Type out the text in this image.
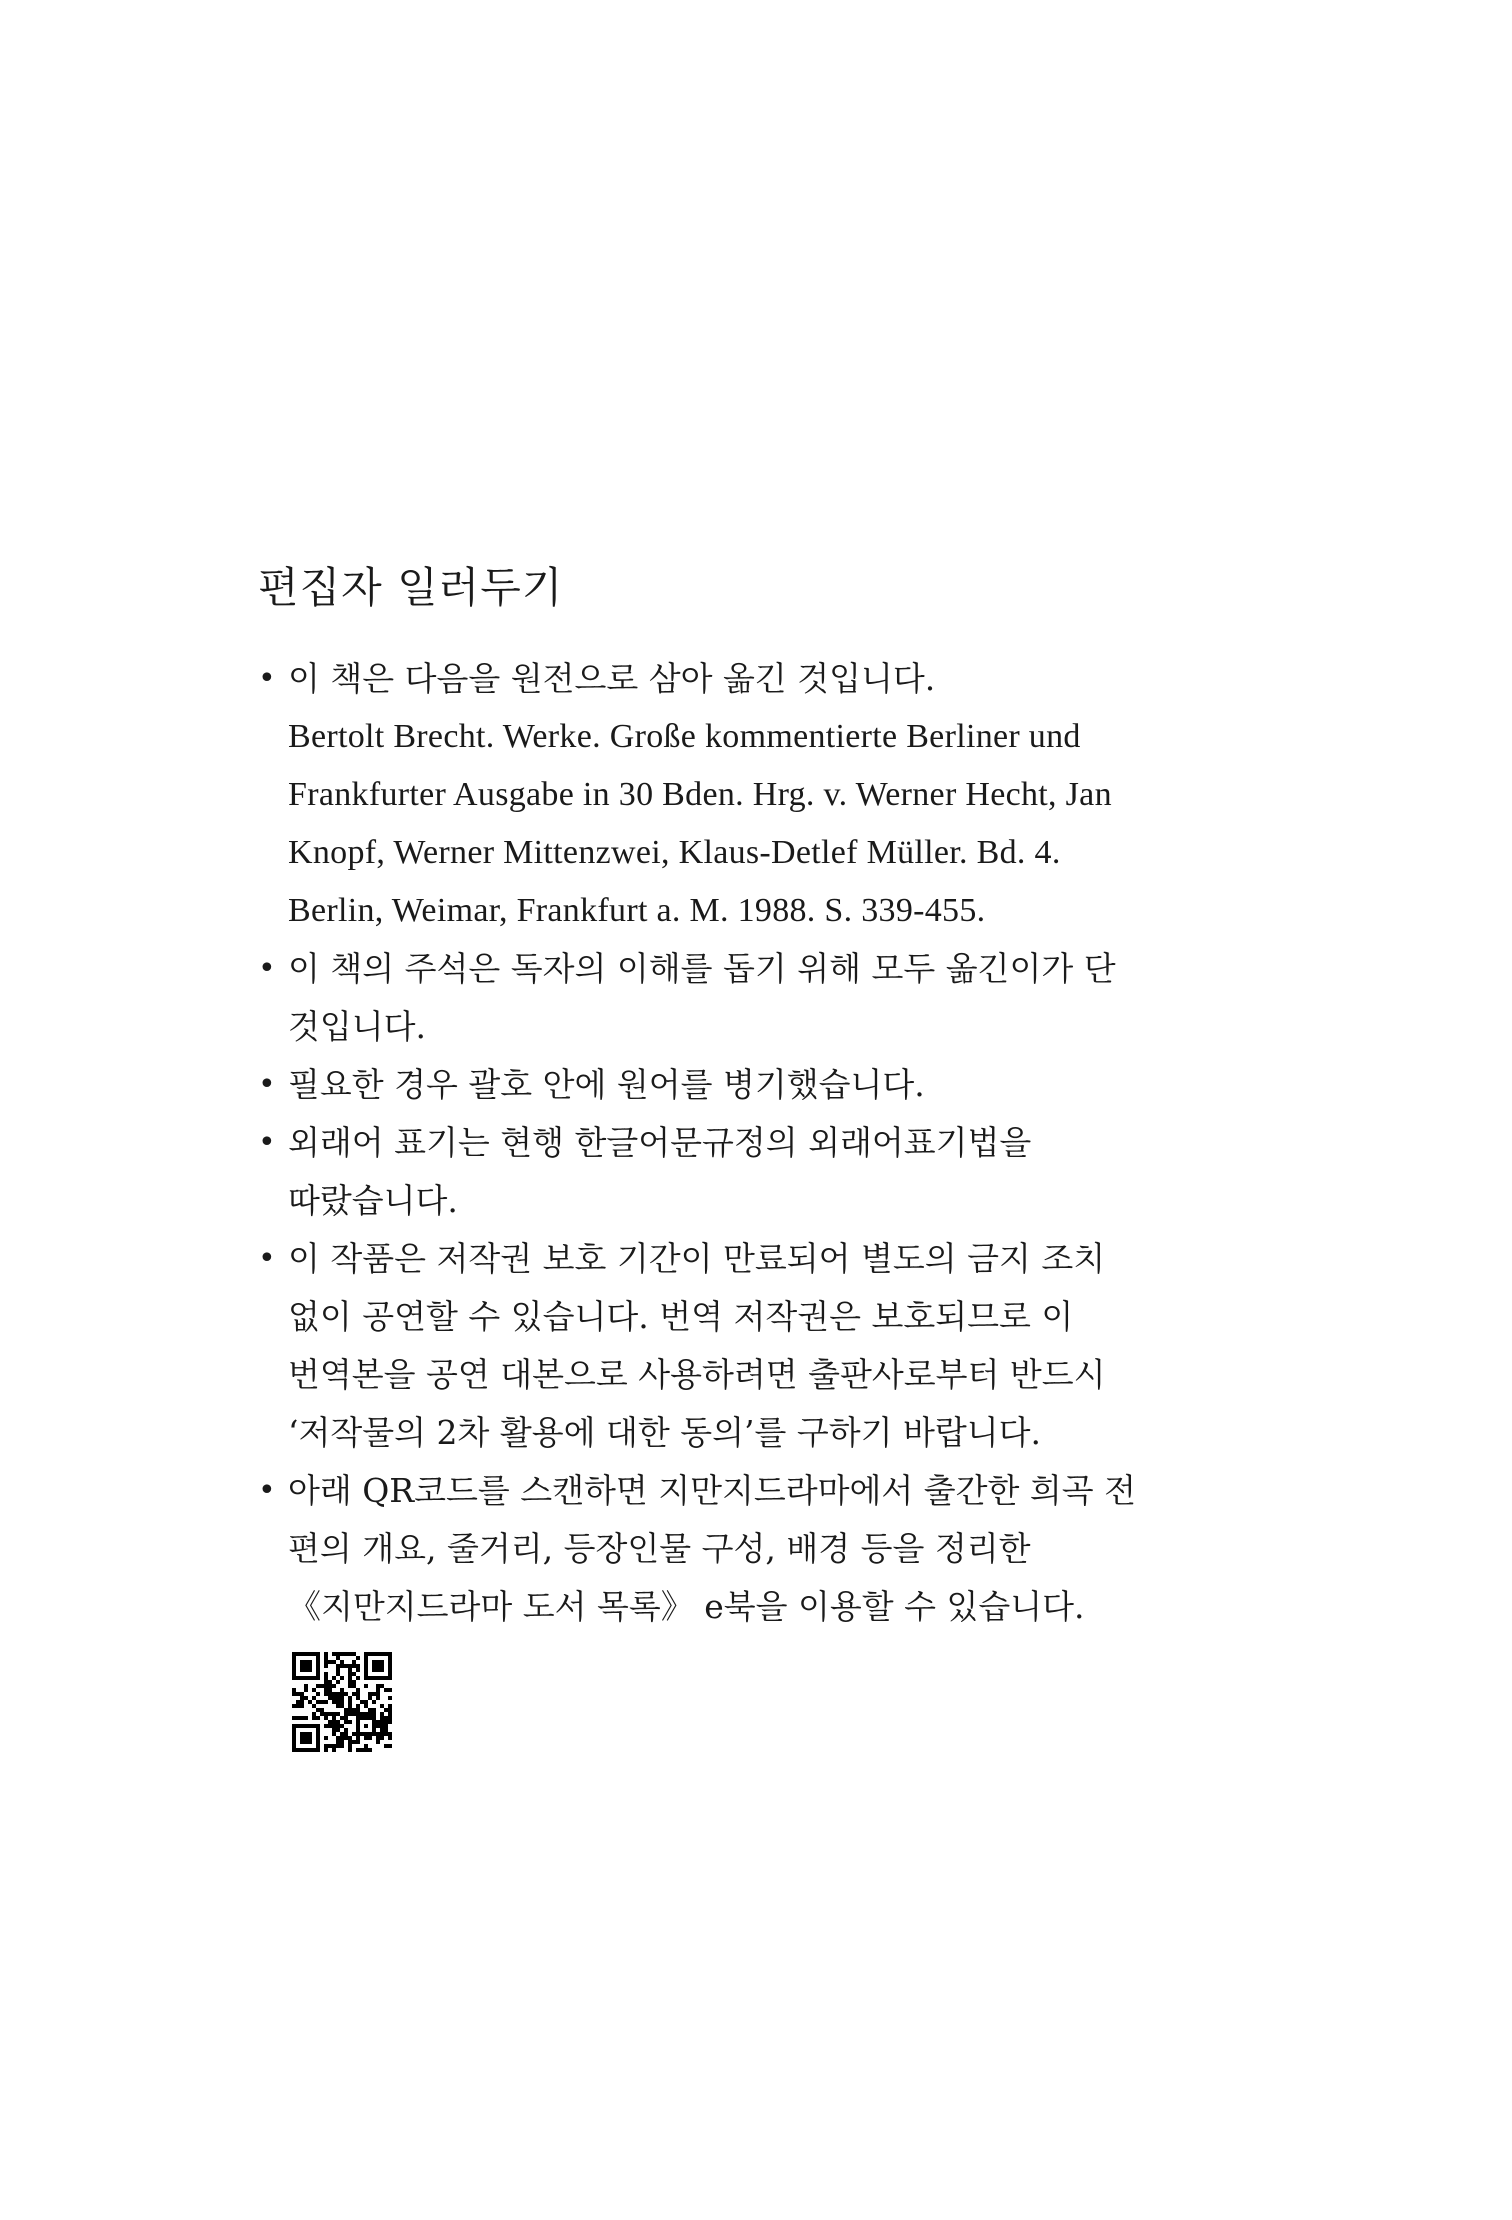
편집자 일러두기
• 이 책은 다음을 원전으로 삼아 옮긴 것입니다.
Bertolt Brecht. Werke. Große kommentierte Berliner und
Frankfurter Ausgabe in 30 Bden. Hrg. v. Werner Hecht, Jan
Knopf, Werner Mittenzwei, Klaus-Detlef Müller. Bd. 4.
Berlin, Weimar, Frankfurt a. M. 1988. S. 339-455.
• 이 책의 주석은 독자의 이해를 돕기 위해 모두 옮긴이가 단
것입니다.
• 필요한 경우 괄호 안에 원어를 병기했습니다.
• 외래어 표기는 현행 한글어문규정의 외래어표기법을
따랐습니다.
• 이 작품은 저작권 보호 기간이 만료되어 별도의 금지 조치
없이 공연할 수 있습니다. 번역 저작권은 보호되므로 이
번역본을 공연 대본으로 사용하려면 출판사로부터 반드시
‘저작물의 2차 활용에 대한 동의’를 구하기 바랍니다.
• 아래 QR코드를 스캔하면 지만지드라마에서 출간한 희곡 전
편의 개요, 줄거리, 등장인물 구성, 배경 등을 정리한
《지만지드라마 도서 목록》 e북을 이용할 수 있습니다.
